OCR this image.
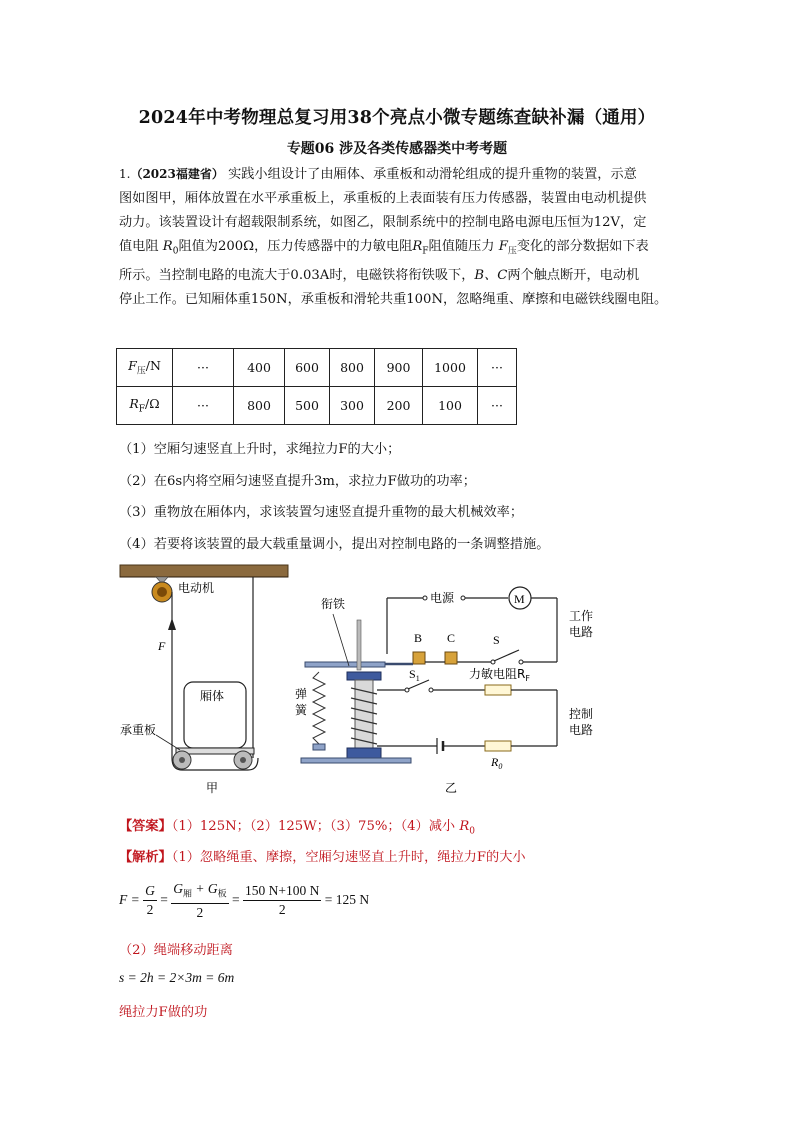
2024年中考物理总复习用38个亮点小微专题练查缺补漏（通用）
专题06 涉及各类传感器类中考考题
1.（2023福建省） 实践小组设计了由厢体、承重板和动滑轮组成的提升重物的装置，示意
图如图甲，厢体放置在水平承重板上，承重板的上表面装有压力传感器，装置由电动机提供
动力。该装置设计有超载限制系统，如图乙，限制系统中的控制电路电源电压恒为12V，定
值电阻 $R_0$阻值为200Ω，压力传感器中的力敏电阻$R_F$阻值随压力 $F_压$变化的部分数据如下表
所示。当控制电路的电流大于0.03A时，电磁铁将衔铁吸下，B、C两个触点断开，电动机
停止工作。已知厢体重150N，承重板和滑轮共重100N，忽略绳重、摩擦和电磁铁线圈电阻。
$F_压/N$	···	400	600	800	900	1000	···
$R_F/\Omega$	···	800	500	300	200	100	···
（1）空厢匀速竖直上升时，求绳拉力F的大小；
（2）在6s内将空厢匀速竖直提升3m，求拉力F做功的功率；
（3）重物放在厢体内，求该装置匀速竖直提升重物的最大机械效率；
（4）若要将该装置的最大载重量调小，提出对控制电路的一条调整措施。
电动机
F
厢体
承重板
甲
电源	M
S
工作
电路
B C
衔铁
弹
簧
$S_1$	力敏电阻$R_F$
控制
电路
$R_0$
乙
【答案】（1）125N；（2）125W；（3）75%；（4）减小 $R_0$
【解析】（1）忽略绳重、摩擦，空厢匀速竖直上升时，绳拉力F的大小
$F = \frac{G}{2} = \frac{G_厢 + G_板}{2} = \frac{150 N+100 N}{2} = 125$ N
（2）绳端移动距离
s = 2h = 2×3m = 6m
绳拉力F做的功
